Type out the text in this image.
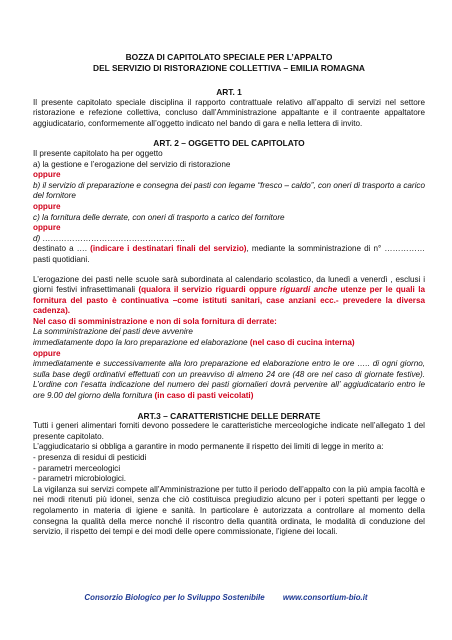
BOZZA DI CAPITOLATO SPECIALE PER L’APPALTO
DEL SERVIZIO DI RISTORAZIONE COLLETTIVA – EMILIA ROMAGNA
ART. 1
Il presente capitolato speciale disciplina il rapporto contrattuale relativo all’appalto di servizi nel settore ristorazione e refezione collettiva, concluso dall’Amministrazione appaltante e il contraente appaltatore aggiudicatario, conformemente all’oggetto indicato nel bando di gara e nella lettera di invito.
ART. 2 – OGGETTO DEL CAPITOLATO
Il presente capitolato ha per oggetto
a) la gestione e l’erogazione del servizio di ristorazione
oppure
b) il servizio di preparazione e consegna dei pasti con legame “fresco – caldo”, con oneri di trasporto a carico del fornitore
oppure
c) la fornitura delle derrate, con oneri di trasporto a carico del fornitore
oppure
d) ……………………………………………..
destinato a …. (indicare i destinatari finali del servizio), mediante la somministrazione di n° …………… pasti quotidiani.
L’erogazione dei pasti nelle scuole sarà subordinata al calendario scolastico, da lunedì a venerdì , esclusi i giorni festivi infrasettimanali (qualora il servizio riguardi oppure riguardi anche utenze per le quali la fornitura del pasto è continuativa –come istituti sanitari, case anziani ecc.- prevedere la diversa cadenza).
Nel caso di somministrazione e non di sola fornitura di derrate:
La somministrazione dei pasti deve avvenire
immediatamente dopo la loro preparazione ed elaborazione (nel caso di cucina interna)
oppure
immediatamente e successivamente alla loro preparazione ed elaborazione entro le ore ….. di ogni giorno, sulla base degli ordinativi effettuati con un preavviso di almeno 24 ore (48 ore nel caso di giornate festive). L’ordine con l’esatta indicazione del numero dei pasti giornalieri dovrà pervenire all’ aggiudicatario entro le ore 9.00 del giorno della fornitura (in caso di pasti veicolati)
ART.3 – CARATTERISTICHE DELLE DERRATE
Tutti i generi alimentari forniti devono possedere le caratteristiche merceologiche indicate nell’allegato 1 del presente capitolato.
L’aggiudicatario si obbliga a garantire in modo permanente il rispetto dei limiti di legge in merito a:
- presenza di residui di pesticidi
- parametri merceologici
- parametri microbiologici.
La vigilanza sui servizi compete all’Amministrazione per tutto il periodo dell’appalto con la più ampia facoltà e nei modi ritenuti più idonei, senza che ciò costituisca pregiudizio alcuno per i poteri spettanti per legge o regolamento in materia di igiene e sanità. In particolare è autorizzata a controllare al momento della consegna la qualità della merce nonché il riscontro della quantità ordinata, le modalità di conduzione del servizio, il rispetto dei tempi e dei modi delle opere commissionate, l’igiene dei locali.
Consorzio Biologico per lo Sviluppo Sostenibile www.consortium-bio.it
